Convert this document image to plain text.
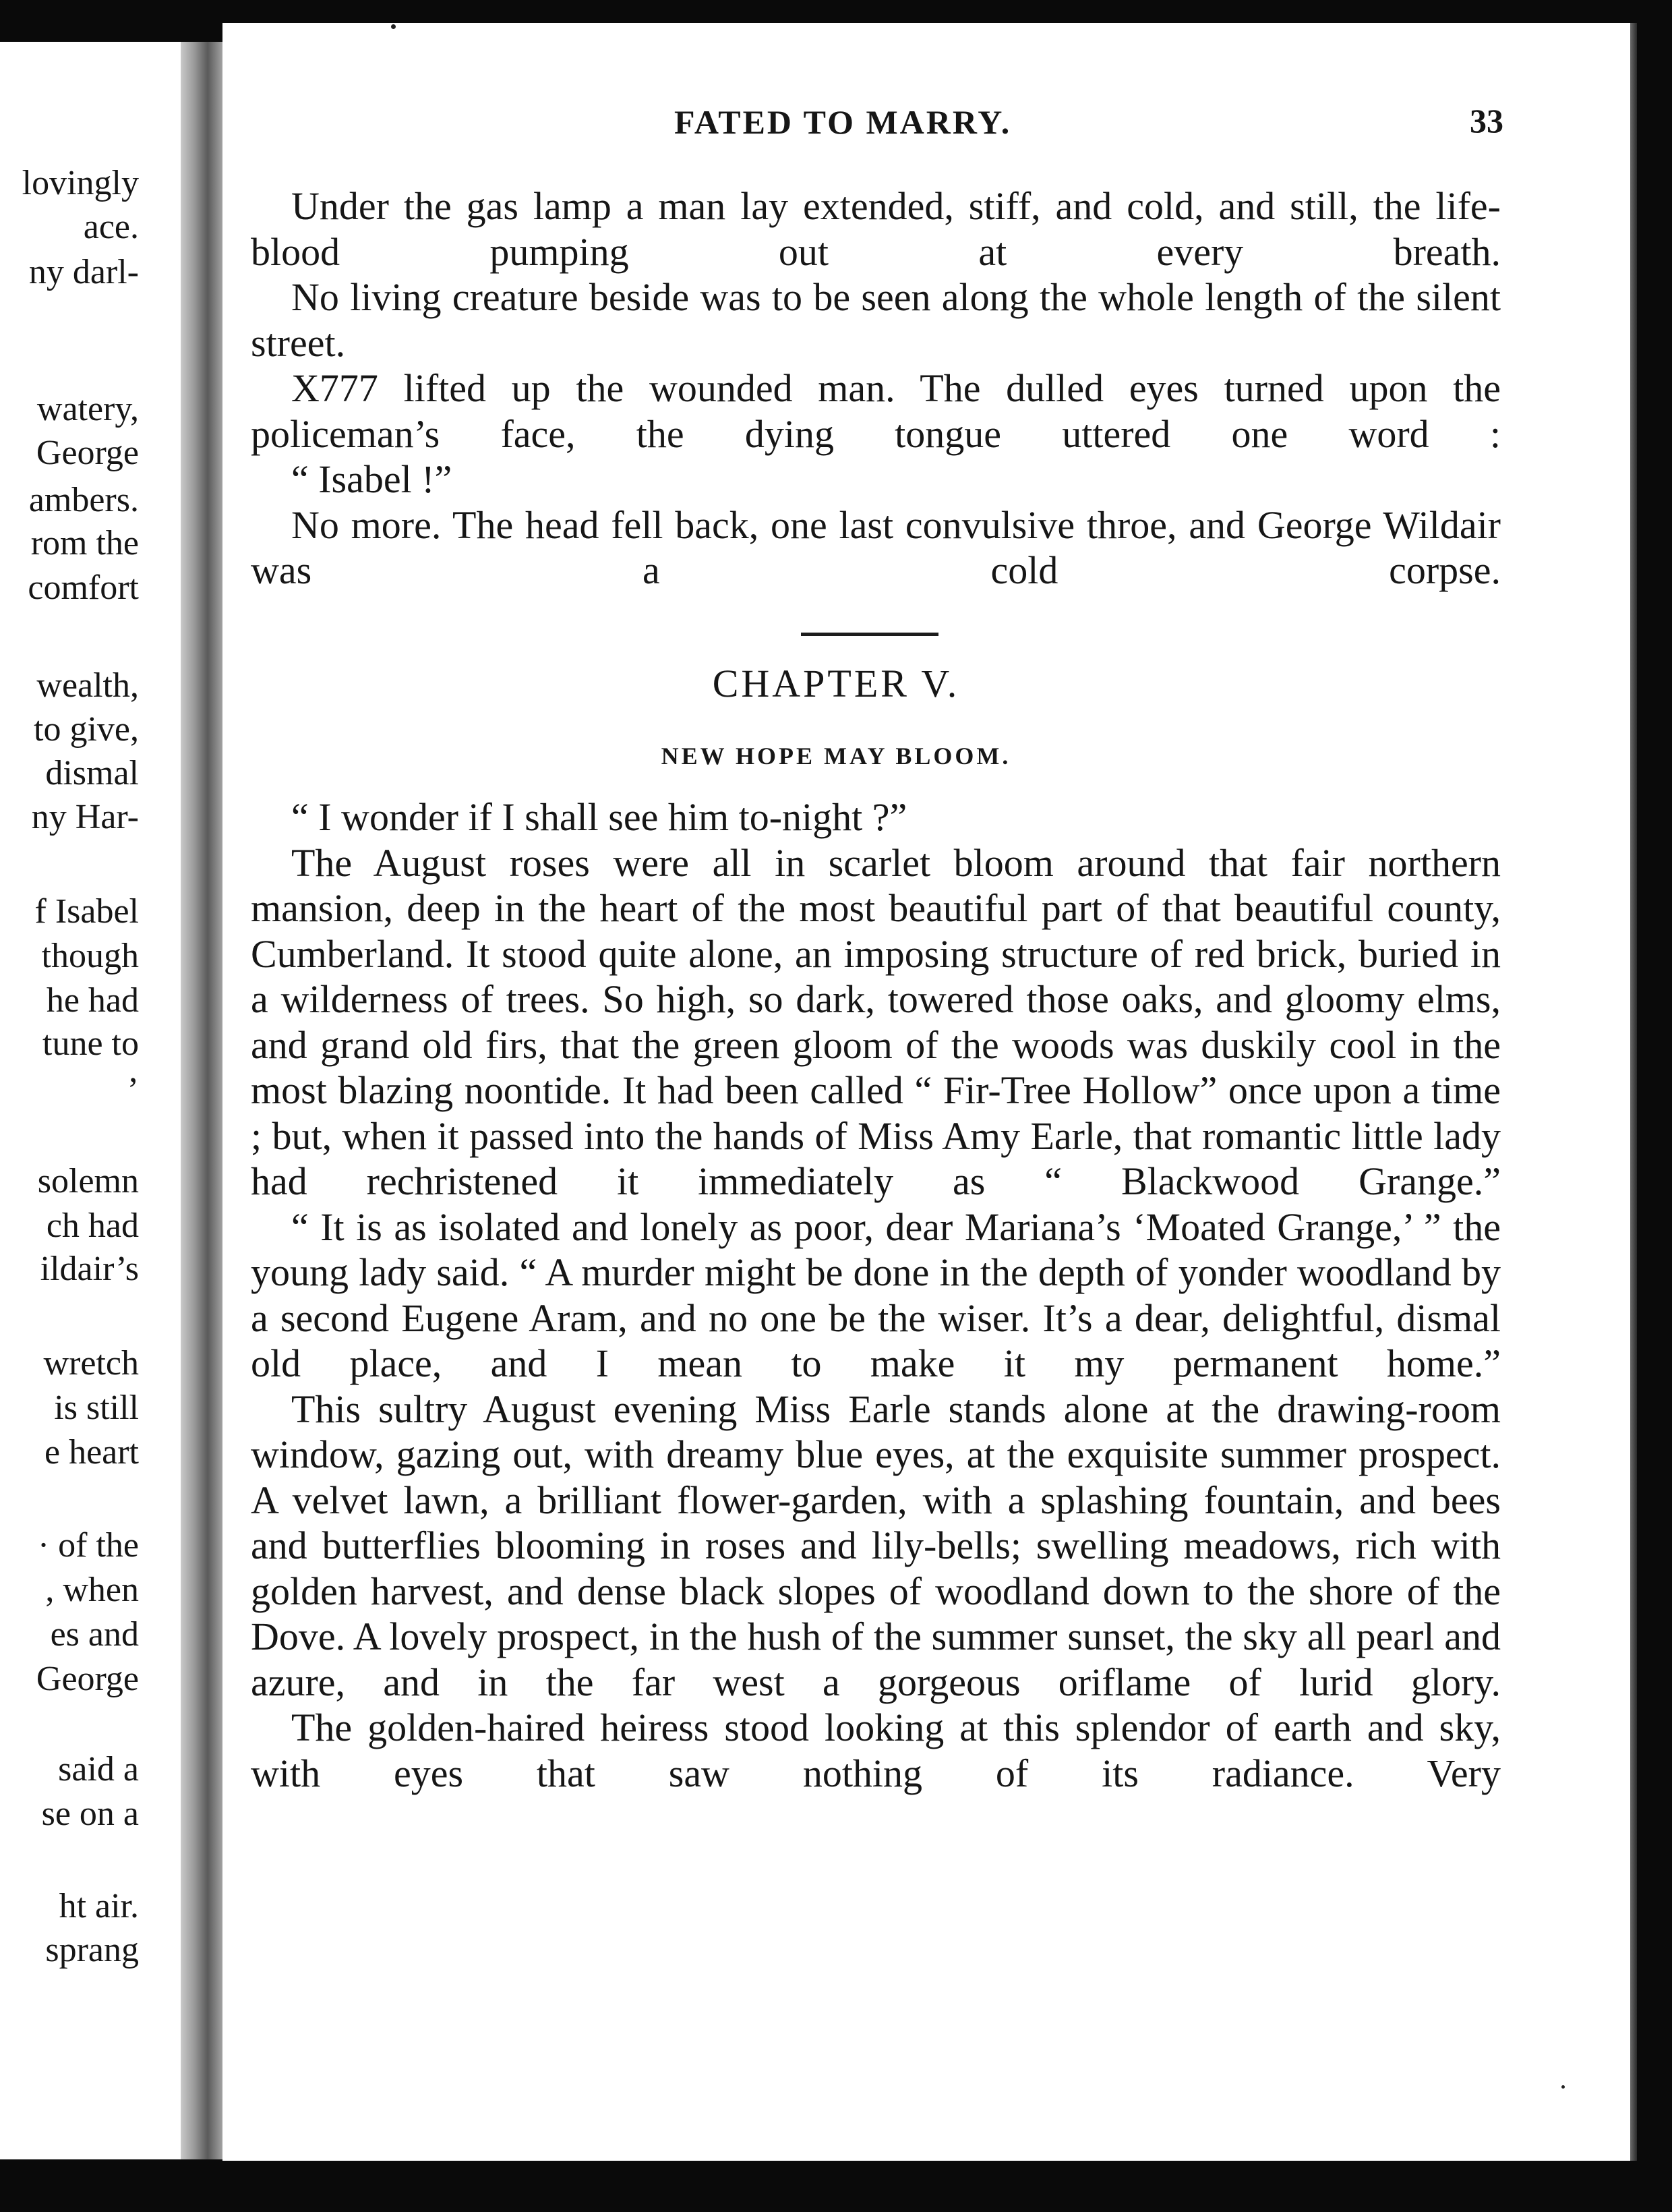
lovingly
ace.
ny darl-
watery,
George
ambers.
rom the
comfort
wealth,
to give,
dismal
ny Har-
f Isabel
though
he had
tune to
’
solemn
ch had
ildair’s
wretch
is still
e heart
· of the
, when
es and
George
said a
se on a
ht air.
sprang
FATED TO MARRY.	33

Under the gas lamp a man lay extended, stiff, and cold, and still, the life-blood pumping out at every breath.

No living creature beside was to be seen along the whole length of the silent street.

X777 lifted up the wounded man. The dulled eyes turned upon the policeman’s face, the dying tongue uttered one word :

“ Isabel !”

No more. The head fell back, one last convulsive throe, and George Wildair was a cold corpse.

CHAPTER V.
NEW HOPE MAY BLOOM.

“ I wonder if I shall see him to-night ?”

The August roses were all in scarlet bloom around that fair northern mansion, deep in the heart of the most beautiful part of that beautiful county, Cumberland. It stood quite alone, an imposing structure of red brick, buried in a wilderness of trees. So high, so dark, towered those oaks, and gloomy elms, and grand old firs, that the green gloom of the woods was duskily cool in the most blazing noontide. It had been called “ Fir-Tree Hollow” once upon a time ; but, when it passed into the hands of Miss Amy Earle, that romantic little lady had rechristened it immediately as “ Blackwood Grange.”

“ It is as isolated and lonely as poor, dear Mariana’s ‘Moated Grange,’ ” the young lady said. “ A murder might be done in the depth of yonder woodland by a second Eugene Aram, and no one be the wiser. It’s a dear, delightful, dismal old place, and I mean to make it my permanent home.”

This sultry August evening Miss Earle stands alone at the drawing-room window, gazing out, with dreamy blue eyes, at the exquisite summer prospect. A velvet lawn, a brilliant flower-garden, with a splashing fountain, and bees and butterflies blooming in roses and lily-bells; swelling meadows, rich with golden harvest, and dense black slopes of woodland down to the shore of the Dove. A lovely prospect, in the hush of the summer sunset, the sky all pearl and azure, and in the far west a gorgeous oriflame of lurid glory.

The golden-haired heiress stood looking at this splendor of earth and sky, with eyes that saw nothing of its radiance. Very
